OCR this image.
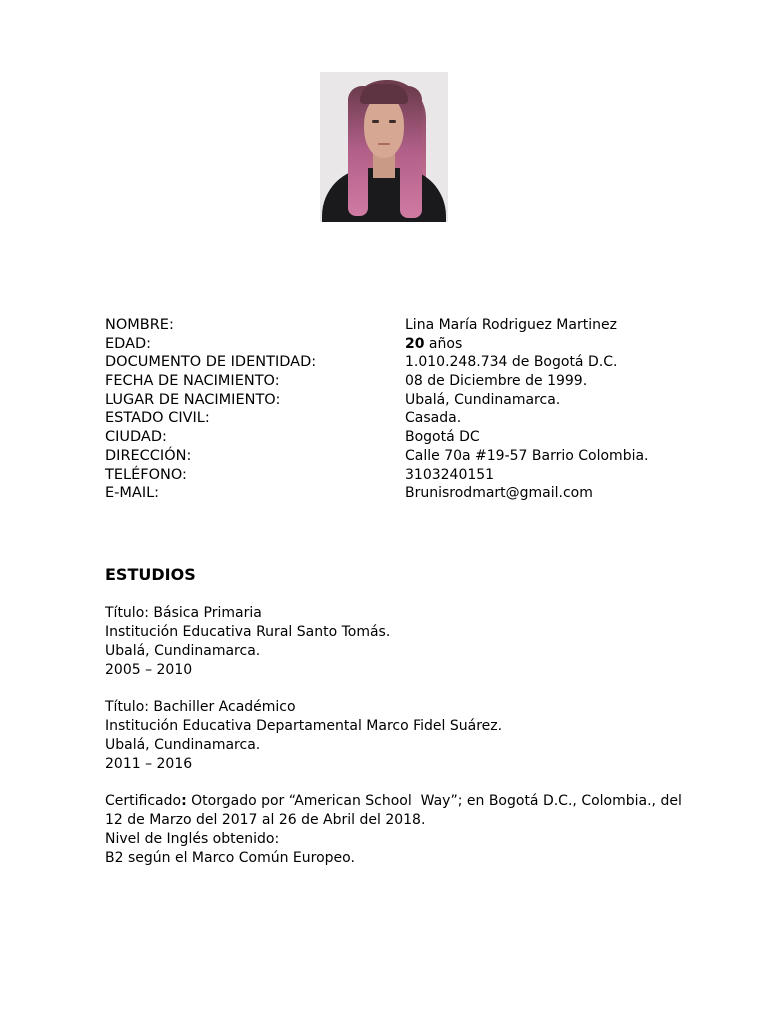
NOMBRE:	Lina María Rodriguez Martinez
EDAD:	20 años
DOCUMENTO DE IDENTIDAD:	1.010.248.734 de Bogotá D.C.
FECHA DE NACIMIENTO:	08 de Diciembre de 1999.
LUGAR DE NACIMIENTO:	Ubalá, Cundinamarca.
ESTADO CIVIL:	Casada.
CIUDAD:	Bogotá DC
DIRECCIÓN:	Calle 70a #19-57 Barrio Colombia.
TELÉFONO:	3103240151
E-MAIL:	Brunisrodmart@gmail.com
ESTUDIOS
Título: Básica Primaria
Institución Educativa Rural Santo Tomás.
Ubalá, Cundinamarca.
2005 – 2010
Título: Bachiller Académico
Institución Educativa Departamental Marco Fidel Suárez.
Ubalá, Cundinamarca.
2011 – 2016
Certificado: Otorgado por “American School  Way”; en Bogotá D.C., Colombia., del
12 de Marzo del 2017 al 26 de Abril del 2018.
Nivel de Inglés obtenido:
B2 según el Marco Común Europeo.
